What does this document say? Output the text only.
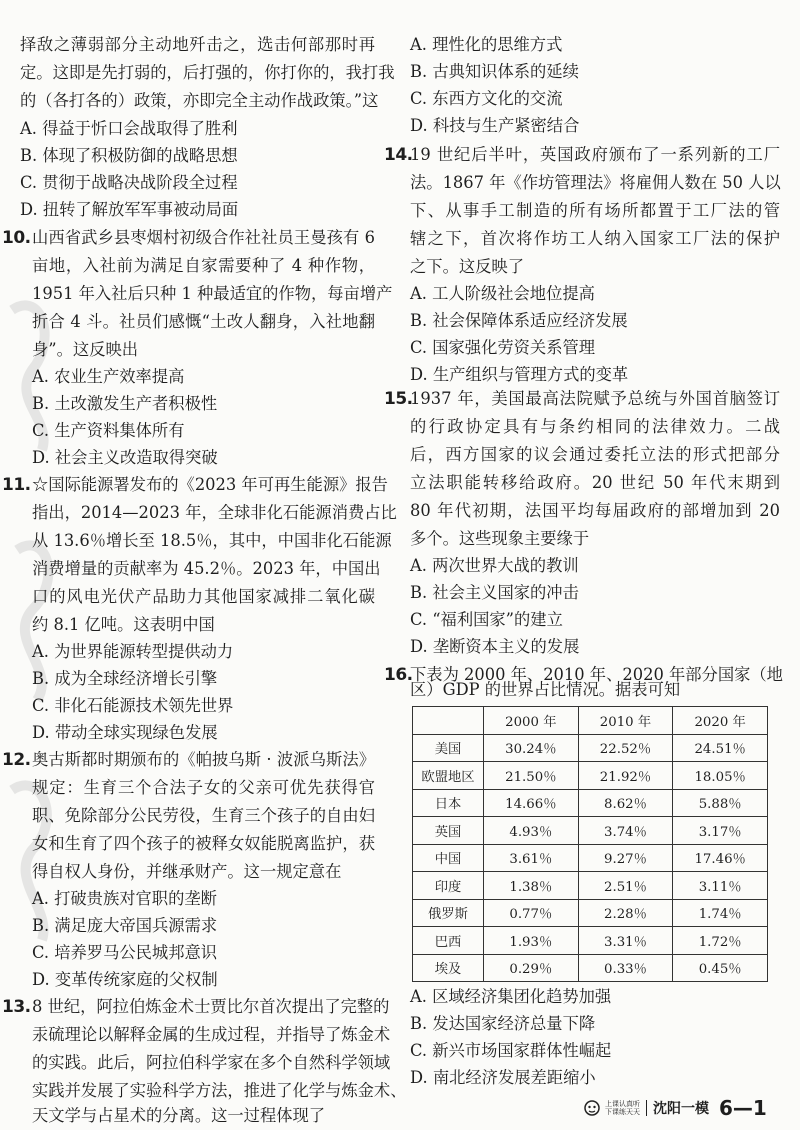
择敌之薄弱部分主动地歼击之，选击何部那时再
定。这即是先打弱的，后打强的，你打你的，我打我
的（各打各的）政策，亦即完全主动作战政策。”这
A. 得益于忻口会战取得了胜利
B. 体现了积极防御的战略思想
C. 贯彻于战略决战阶段全过程
D. 扭转了解放军军事被动局面
10. 山西省武乡县枣烟村初级合作社社员王曼孩有 6
亩地，入社前为满足自家需要种了 4 种作物，
1951 年入社后只种 1 种最适宜的作物，每亩增产
折合 4 斗。社员们感慨“土改人翻身，入社地翻
身”。这反映出
A. 农业生产效率提高
B. 土改激发生产者积极性
C. 生产资料集体所有
D. 社会主义改造取得突破
11. ☆国际能源署发布的《2023 年可再生能源》报告
指出，2014—2023 年，全球非化石能源消费占比
从 13.6％增长至 18.5％，其中，中国非化石能源
消费增量的贡献率为 45.2％。2023 年，中国出
口的风电光伏产品助力其他国家减排二氧化碳
约 8.1 亿吨。这表明中国
A. 为世界能源转型提供动力
B. 成为全球经济增长引擎
C. 非化石能源技术领先世界
D. 带动全球实现绿色发展
12. 奥古斯都时期颁布的《帕披乌斯 · 波派乌斯法》
规定：生育三个合法子女的父亲可优先获得官
职、免除部分公民劳役，生育三个孩子的自由妇
女和生育了四个孩子的被释女奴能脱离监护，获
得自权人身份，并继承财产。这一规定意在
A. 打破贵族对官职的垄断
B. 满足庞大帝国兵源需求
C. 培养罗马公民城邦意识
D. 变革传统家庭的父权制
13. 8 世纪，阿拉伯炼金术士贾比尔首次提出了完整的
汞硫理论以解释金属的生成过程，并指导了炼金术
的实践。此后，阿拉伯科学家在多个自然科学领域
实践并发展了实验科学方法，推进了化学与炼金术、
天文学与占星术的分离。这一过程体现了
A. 理性化的思维方式
B. 古典知识体系的延续
C. 东西方文化的交流
D. 科技与生产紧密结合
14.
19 世纪后半叶，英国政府颁布了一系列新的工厂
法。1867 年《作坊管理法》将雇佣人数在 50 人以
下、从事手工制造的所有场所都置于工厂法的管
辖之下，首次将作坊工人纳入国家工厂法的保护
之下。这反映了
A. 工人阶级社会地位提高
B. 社会保障体系适应经济发展
C. 国家强化劳资关系管理
D. 生产组织与管理方式的变革
15.
1937 年，美国最高法院赋予总统与外国首脑签订
的行政协定具有与条约相同的法律效力。二战
后，西方国家的议会通过委托立法的形式把部分
立法职能转移给政府。20 世纪 50 年代末期到
80 年代初期，法国平均每届政府的部增加到 20
多个。这些现象主要缘于
A. 两次世界大战的教训
B. 社会主义国家的冲击
C. “福利国家”的建立
D. 垄断资本主义的发展
16.
下表为 2000 年、2010 年、2020 年部分国家（地
区）GDP 的世界占比情况。据表可知
	2000 年	2010 年	2020 年
美国	30.24％	22.52％	24.51％
欧盟地区	21.50％	21.92％	18.05％
日本	14.66％	8.62％	5.88％
英国	4.93％	3.74％	3.17％
中国	3.61％	9.27％	17.46％
印度	1.38％	2.51％	3.11％
俄罗斯	0.77％	2.28％	1.74％
巴西	1.93％	3.31％	1.72％
埃及	0.29％	0.33％	0.45％
A. 区域经济集团化趋势加强
B. 发达国家经济总量下降
C. 新兴市场国家群体性崛起
D. 南北经济发展差距缩小
上课认真听
下课练天天 沈阳一模 6—1
